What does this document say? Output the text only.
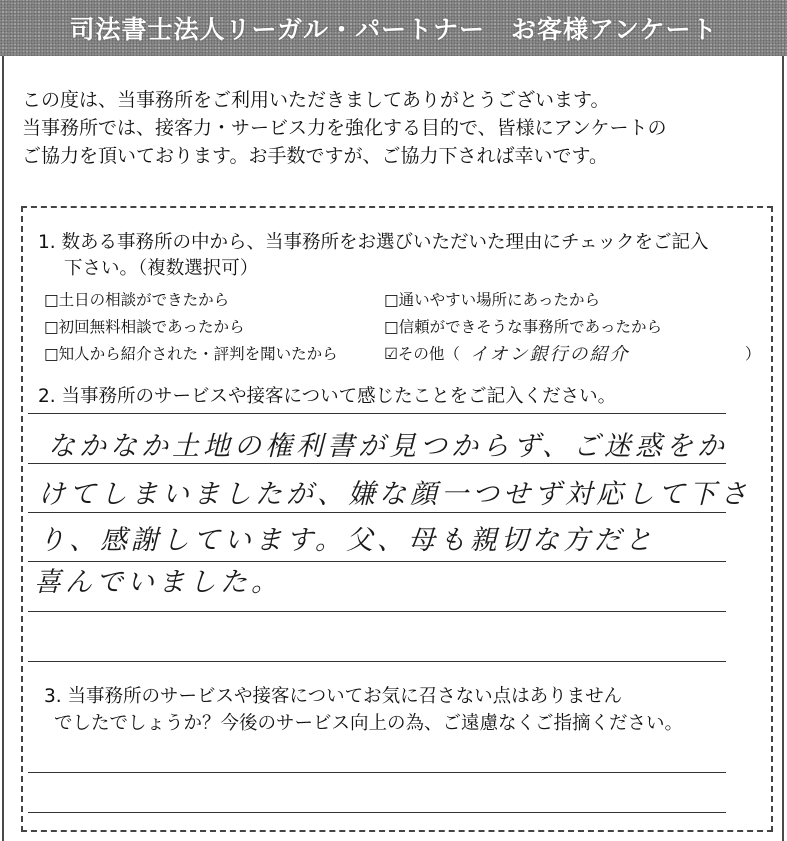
司法書士法人リーガル・パートナー　お客様アンケート
この度は、当事務所をご利用いただきましてありがとうございます。
当事務所では、接客力・サービス力を強化する目的で、皆様にアンケートの
ご協力を頂いております。お手数ですが、ご協力下されば幸いです。
1. 数ある事務所の中から、当事務所をお選びいただいた理由にチェックをご記入
下さい。（複数選択可）
□土日の相談ができたから	□通いやすい場所にあったから
□初回無料相談であったから	□信頼ができそうな事務所であったから
□知人から紹介された・評判を聞いたから	☑その他（ イオン銀行の紹介	）
2. 当事務所のサービスや接客について感じたことをご記入ください。
なかなか土地の権利書が見つからず、ご迷惑をか
けてしまいましたが、嫌な顔一つせず対応して下さ
り、感謝しています。父、母も親切な方だと
喜んでいました。
3. 当事務所のサービスや接客についてお気に召さない点はありません
でしたでしょうか？今後のサービス向上の為、ご遠慮なくご指摘ください。
